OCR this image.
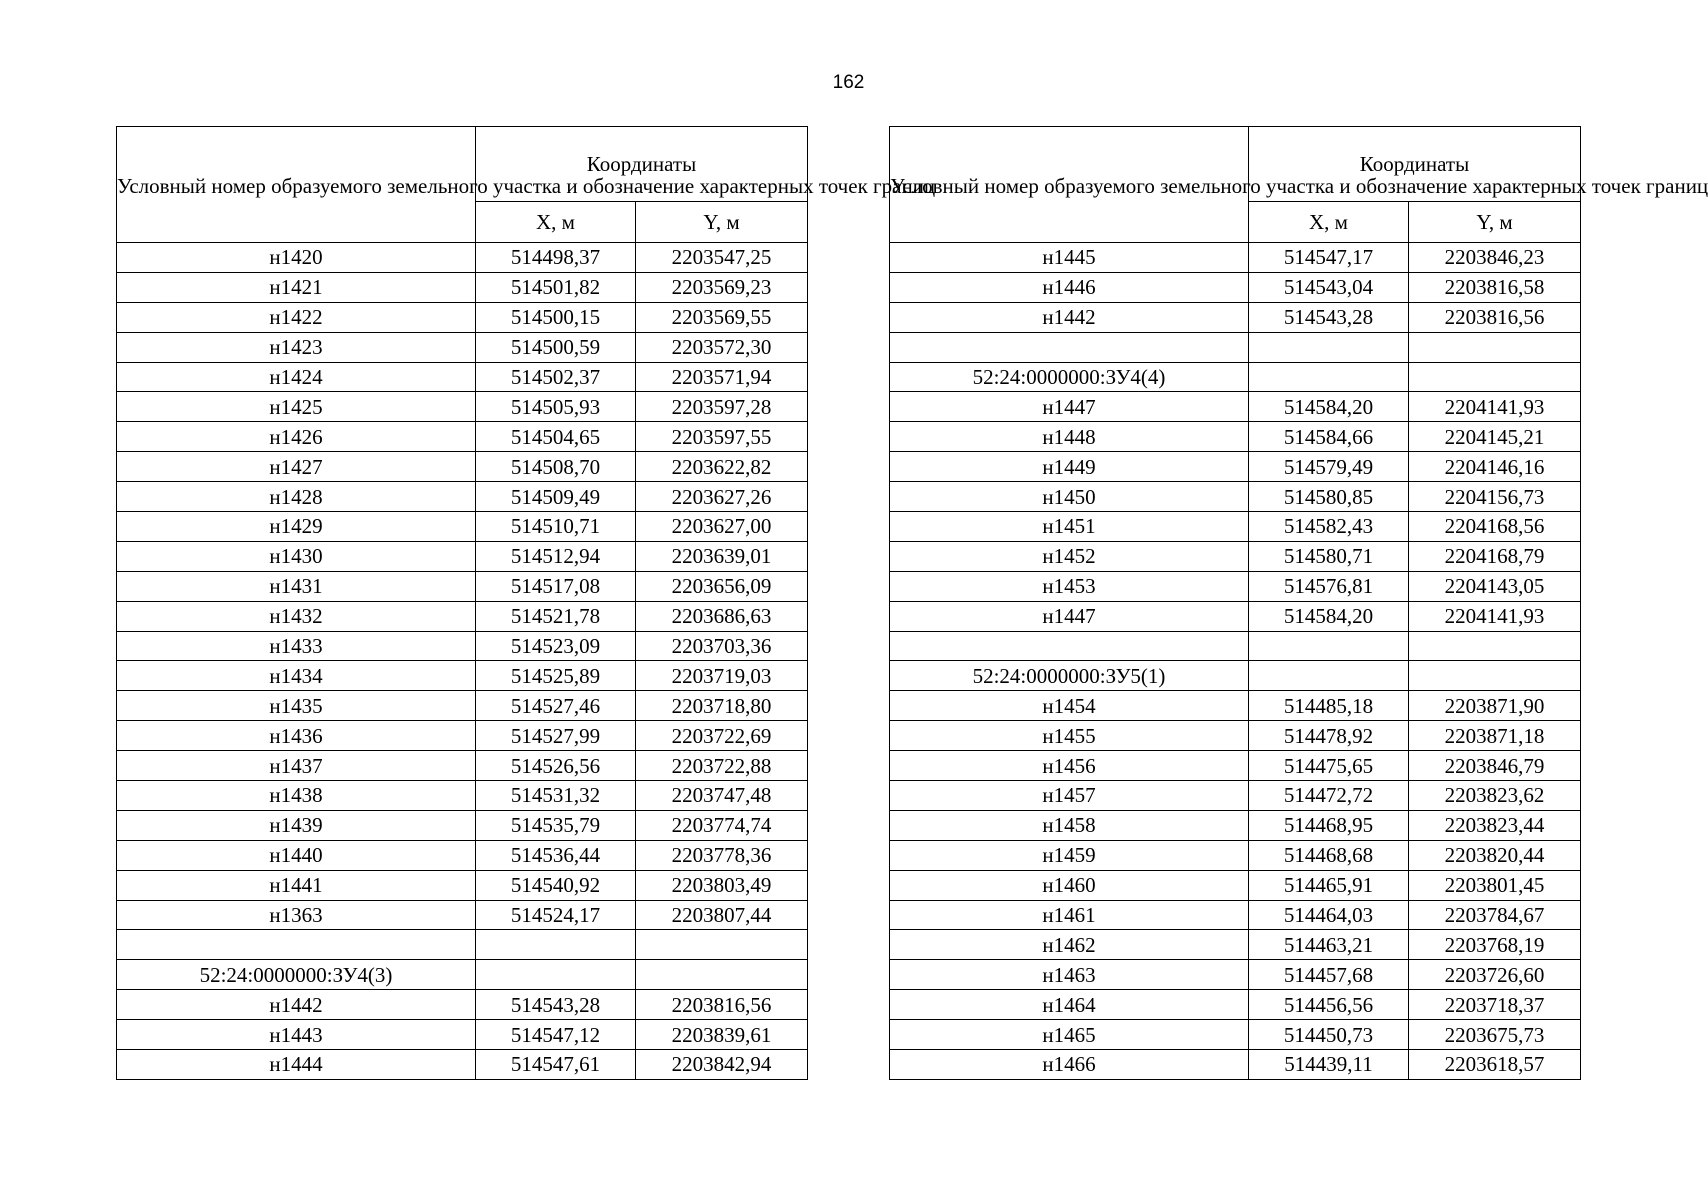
162
Условный номер образуемого земельного участка и обозначение характерных точек границ	Координаты	
	X, м	Y, м
н1420	514498,37	2203547,25
н1421	514501,82	2203569,23
н1422	514500,15	2203569,55
н1423	514500,59	2203572,30
н1424	514502,37	2203571,94
н1425	514505,93	2203597,28
н1426	514504,65	2203597,55
н1427	514508,70	2203622,82
н1428	514509,49	2203627,26
н1429	514510,71	2203627,00
н1430	514512,94	2203639,01
н1431	514517,08	2203656,09
н1432	514521,78	2203686,63
н1433	514523,09	2203703,36
н1434	514525,89	2203719,03
н1435	514527,46	2203718,80
н1436	514527,99	2203722,69
н1437	514526,56	2203722,88
н1438	514531,32	2203747,48
н1439	514535,79	2203774,74
н1440	514536,44	2203778,36
н1441	514540,92	2203803,49
н1363	514524,17	2203807,44

52:24:0000000:ЗУ4(3)		
н1442	514543,28	2203816,56
н1443	514547,12	2203839,61
н1444	514547,61	2203842,94
Условный номер образуемого земельного участка и обозначение характерных точек границ	Координаты	
	X, м	Y, м
н1445	514547,17	2203846,23
н1446	514543,04	2203816,58
н1442	514543,28	2203816,56

52:24:0000000:ЗУ4(4)		
н1447	514584,20	2204141,93
н1448	514584,66	2204145,21
н1449	514579,49	2204146,16
н1450	514580,85	2204156,73
н1451	514582,43	2204168,56
н1452	514580,71	2204168,79
н1453	514576,81	2204143,05
н1447	514584,20	2204141,93

52:24:0000000:ЗУ5(1)		
н1454	514485,18	2203871,90
н1455	514478,92	2203871,18
н1456	514475,65	2203846,79
н1457	514472,72	2203823,62
н1458	514468,95	2203823,44
н1459	514468,68	2203820,44
н1460	514465,91	2203801,45
н1461	514464,03	2203784,67
н1462	514463,21	2203768,19
н1463	514457,68	2203726,60
н1464	514456,56	2203718,37
н1465	514450,73	2203675,73
н1466	514439,11	2203618,57
